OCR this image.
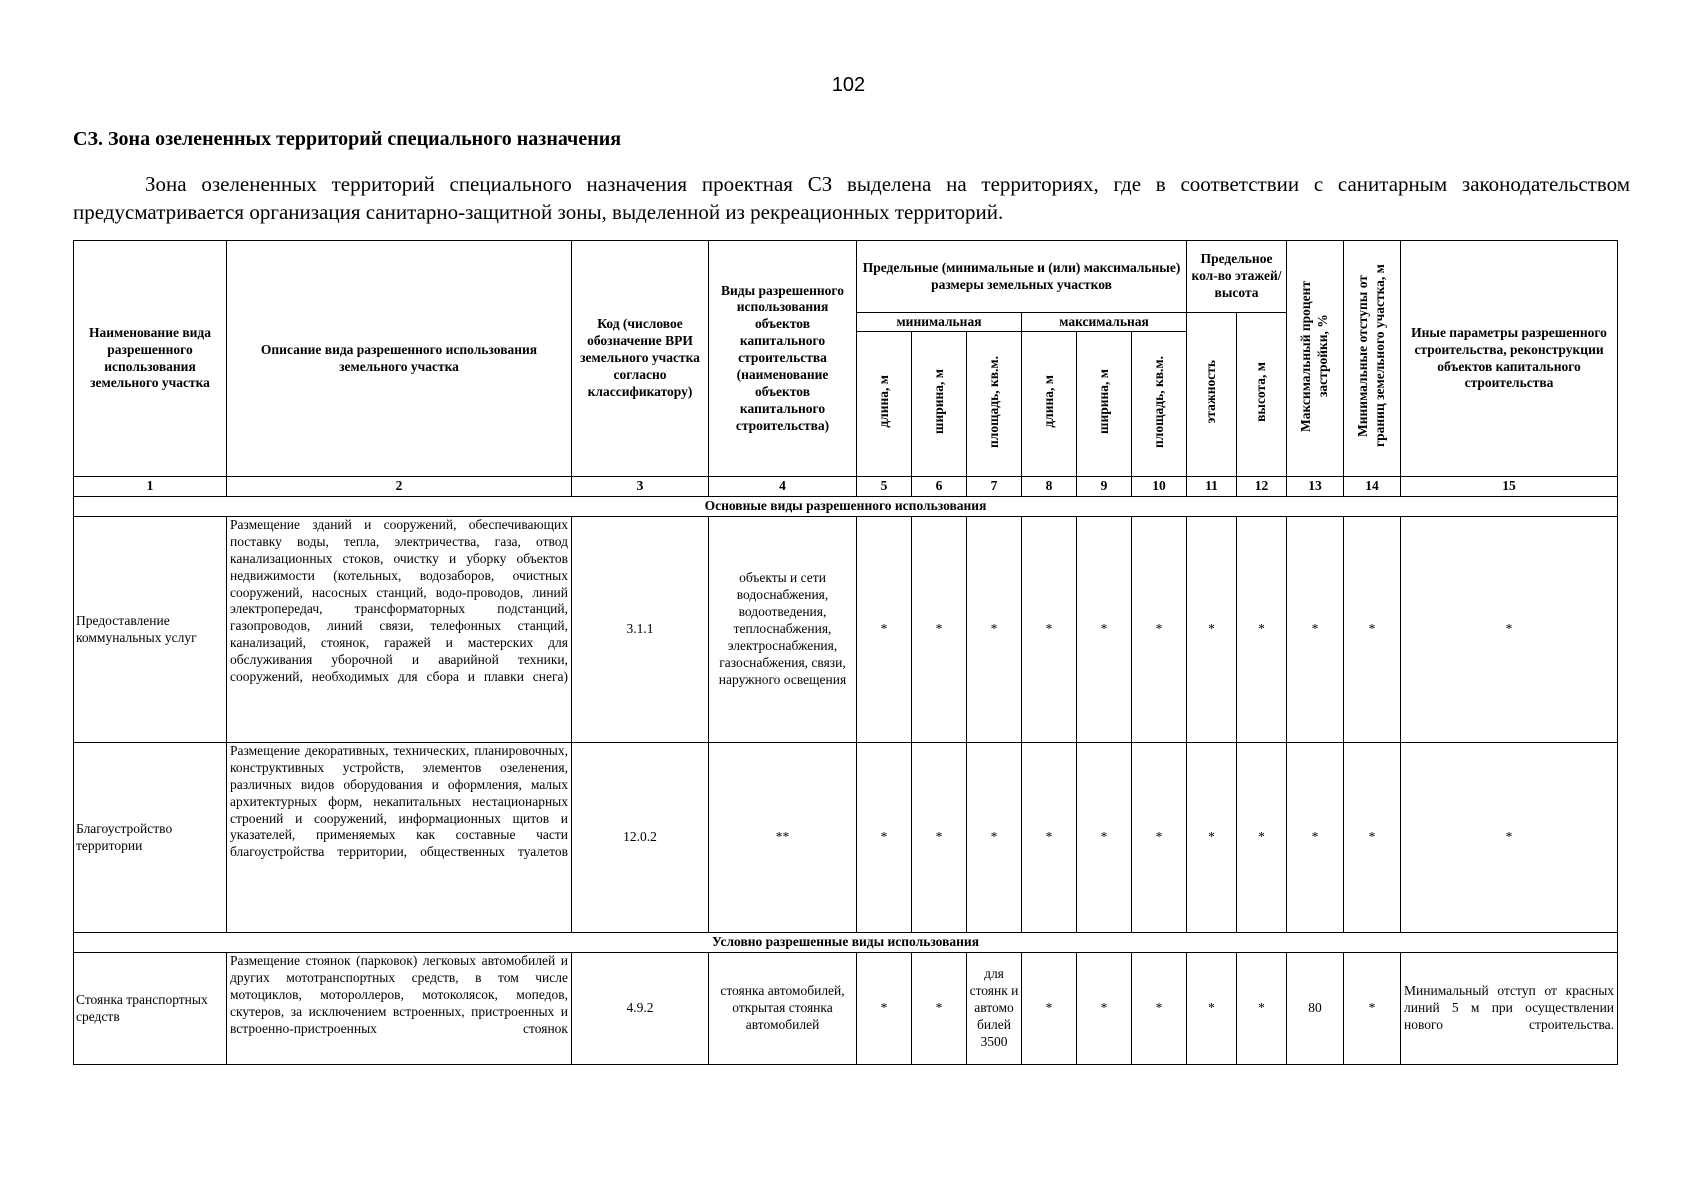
102
СЗ. Зона озелененных территорий специального назначения
Зона озелененных территорий специального назначения проектная СЗ выделена на территориях, где в соответствии с санитарным законодательством предусматривается организация санитарно-защитной зоны, выделенной из рекреационных территорий.
Наименование вида разрешенного использования земельного участка	Описание вида разрешенного использования земельного участка	Код (числовое обозначение ВРИ земельного участка согласно классификатору)	Виды разрешенного использования объектов капитального строительства (наименование объектов капитального строительства)	Предельные (минимальные и (или) максимальные) размеры земельных участков						Предельное кол-во этажей/ высота		Максимальный процент застройки, %	Минимальные отступы от границ земельного участка, м	Иные параметры разрешенного строительства, реконструкции объектов капитального строительства
				минимальная			максимальная			этажность	высота, м			
				длина, м	ширина, м	площадь, кв.м.	длина, м	ширина, м	площадь, кв.м.					
1	2	3	4	5	6	7	8	9	10	11	12	13	14	15
Основные виды разрешенного использования														
Предоставление коммунальных услуг	Размещение зданий и сооружений, обеспечивающих поставку воды, тепла, электричества, газа, отвод канализационных стоков, очистку и уборку объектов недвижимости (котельных, водозаборов, очистных сооружений, насосных станций, водо-проводов, линий электропередач, трансформаторных подстанций, газопроводов, линий связи, телефонных станций, канализаций, стоянок, гаражей и мастерских для обслуживания уборочной и аварийной техники, сооружений, необходимых для сбора и плавки снега)	3.1.1	объекты и сети водоснабжения, водоотведения, теплоснабжения, электроснабжения, газоснабжения, связи, наружного освещения	*	*	*	*	*	*	*	*	*	*	*
Благоустройство территории	Размещение декоративных, технических, планировочных, конструктивных устройств, элементов озеленения, различных видов оборудования и оформления, малых архитектурных форм, некапитальных нестационарных строений и сооружений, информационных щитов и указателей, применяемых как составные части благоустройства территории, общественных туалетов	12.0.2	**	*	*	*	*	*	*	*	*	*	*	*
Условно разрешенные виды использования														
Стоянка транспортных средств	Размещение стоянок (парковок) легковых автомобилей и других мототранспортных средств, в том числе мотоциклов, мотороллеров, мотоколясок, мопедов, скутеров, за исключением встроенных, пристроенных и встроенно-пристроенных стоянок	4.9.2	стоянка автомобилей, открытая стоянка автомобилей	*	*	для стоянк и автомо билей 3500	*	*	*	*	*	80	*	Минимальный отступ от красных линий 5 м при осуществлении нового строительства.
